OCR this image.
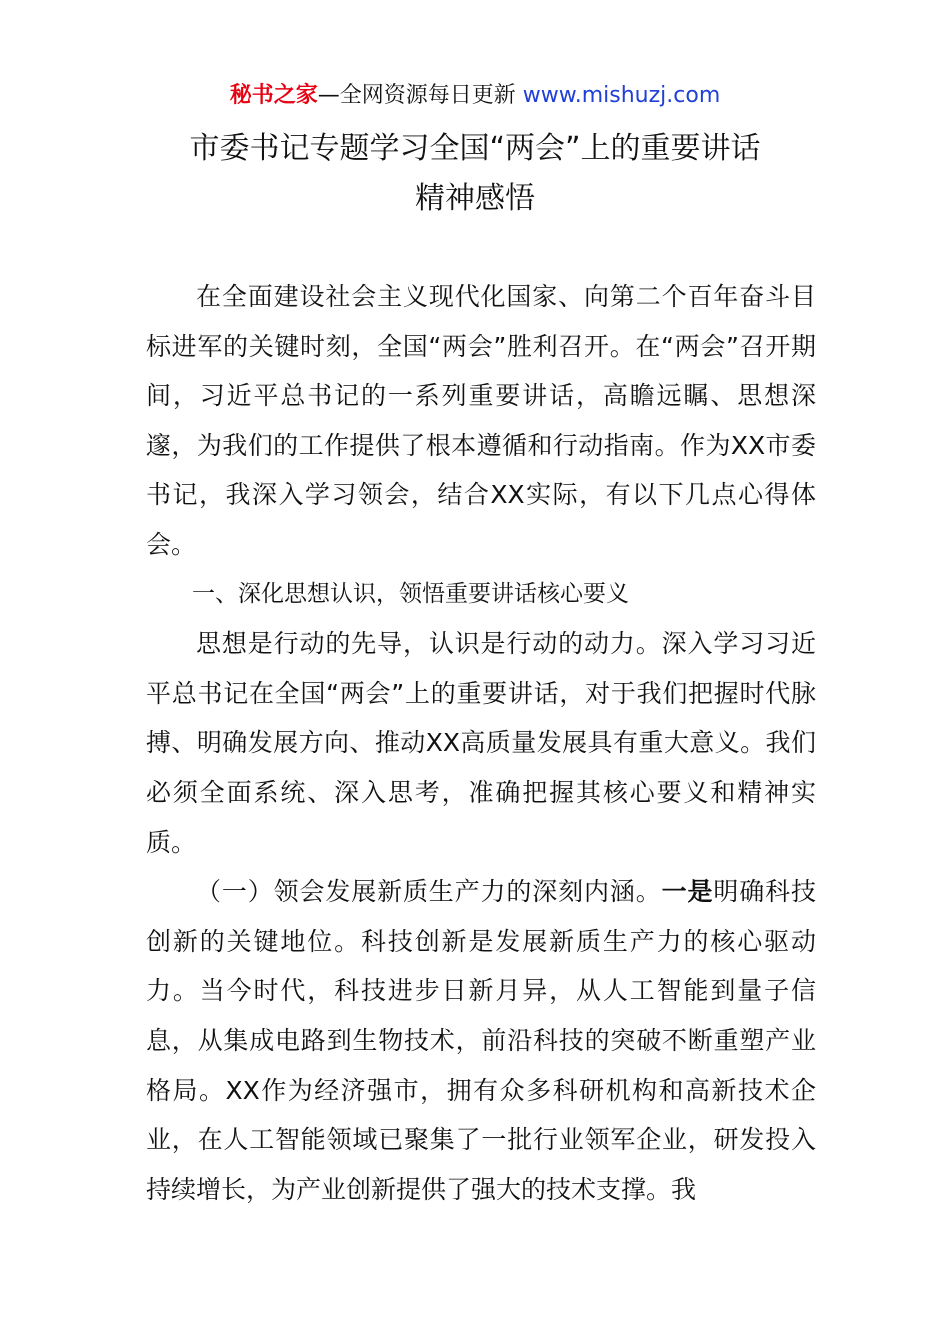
秘书之家—全网资源每日更新 www.mishuzj.com
市委书记专题学习全国“两会”上的重要讲话
精神感悟

在全面建设社会主义现代化国家、向第二个百年奋斗目标进军的关键时刻，全国“两会”胜利召开。在“两会”召开期间，习近平总书记的一系列重要讲话，高瞻远瞩、思想深邃，为我们的工作提供了根本遵循和行动指南。作为XX市委书记，我深入学习领会，结合XX实际，有以下几点心得体会。

一、深化思想认识，领悟重要讲话核心要义

思想是行动的先导，认识是行动的动力。深入学习习近平总书记在全国“两会”上的重要讲话，对于我们把握时代脉搏、明确发展方向、推动XX高质量发展具有重大意义。我们必须全面系统、深入思考，准确把握其核心要义和精神实质。

（一）领会发展新质生产力的深刻内涵。一是明确科技创新的关键地位。科技创新是发展新质生产力的核心驱动力。当今时代，科技进步日新月异，从人工智能到量子信息，从集成电路到生物技术，前沿科技的突破不断重塑产业格局。XX作为经济强市，拥有众多科研机构和高新技术企业，在人工智能领域已聚集了一批行业领军企业，研发投入持续增长，为产业创新提供了强大的技术支撑。我
